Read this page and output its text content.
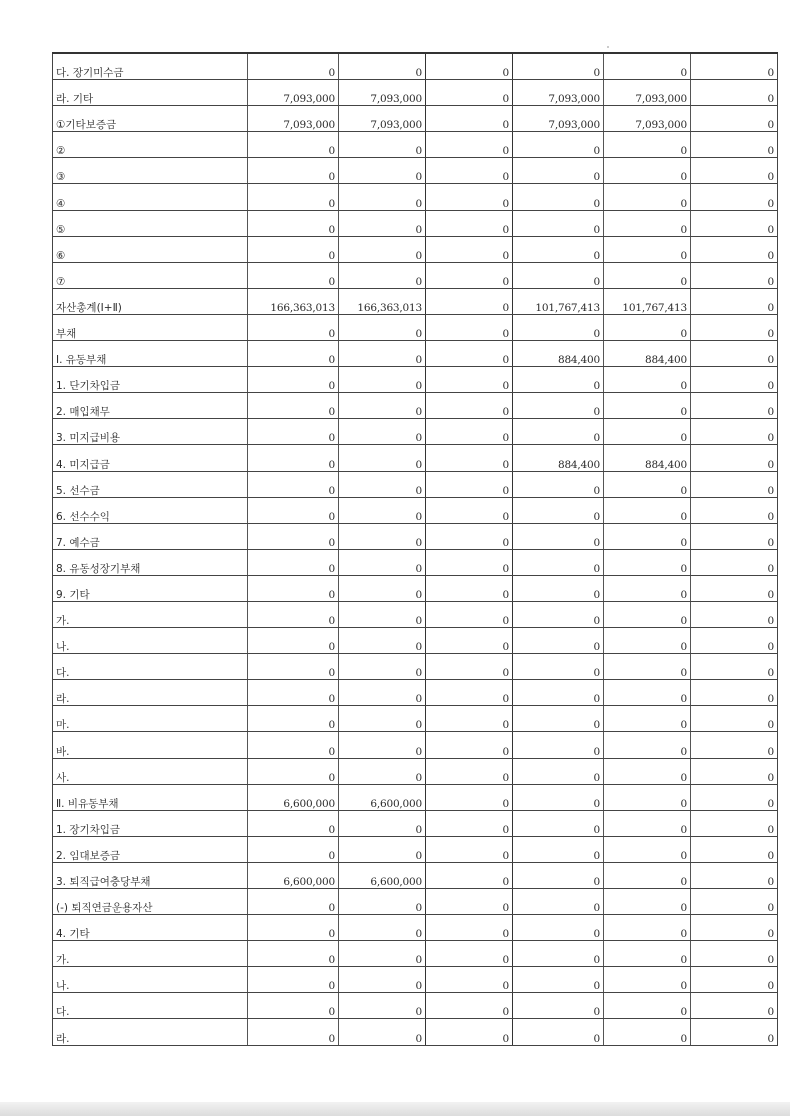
다. 장기미수금	0	0	0	0	0	0
라. 기타	7,093,000	7,093,000	0	7,093,000	7,093,000	0
①기타보증금	7,093,000	7,093,000	0	7,093,000	7,093,000	0
②	0	0	0	0	0	0
③	0	0	0	0	0	0
④	0	0	0	0	0	0
⑤	0	0	0	0	0	0
⑥	0	0	0	0	0	0
⑦	0	0	0	0	0	0
자산총계(Ⅰ+Ⅱ)	166,363,013	166,363,013	0	101,767,413	101,767,413	0
부채	0	0	0	0	0	0
Ⅰ. 유동부채	0	0	0	884,400	884,400	0
1. 단기차입금	0	0	0	0	0	0
2. 매입채무	0	0	0	0	0	0
3. 미지급비용	0	0	0	0	0	0
4. 미지급금	0	0	0	884,400	884,400	0
5. 선수금	0	0	0	0	0	0
6. 선수수익	0	0	0	0	0	0
7. 예수금	0	0	0	0	0	0
8. 유동성장기부채	0	0	0	0	0	0
9. 기타	0	0	0	0	0	0
가.	0	0	0	0	0	0
나.	0	0	0	0	0	0
다.	0	0	0	0	0	0
라.	0	0	0	0	0	0
마.	0	0	0	0	0	0
바.	0	0	0	0	0	0
사.	0	0	0	0	0	0
Ⅱ. 비유동부채	6,600,000	6,600,000	0	0	0	0
1. 장기차입금	0	0	0	0	0	0
2. 임대보증금	0	0	0	0	0	0
3. 퇴직급여충당부채	6,600,000	6,600,000	0	0	0	0
(-) 퇴직연금운용자산	0	0	0	0	0	0
4. 기타	0	0	0	0	0	0
가.	0	0	0	0	0	0
나.	0	0	0	0	0	0
다.	0	0	0	0	0	0
라.	0	0	0	0	0	0
